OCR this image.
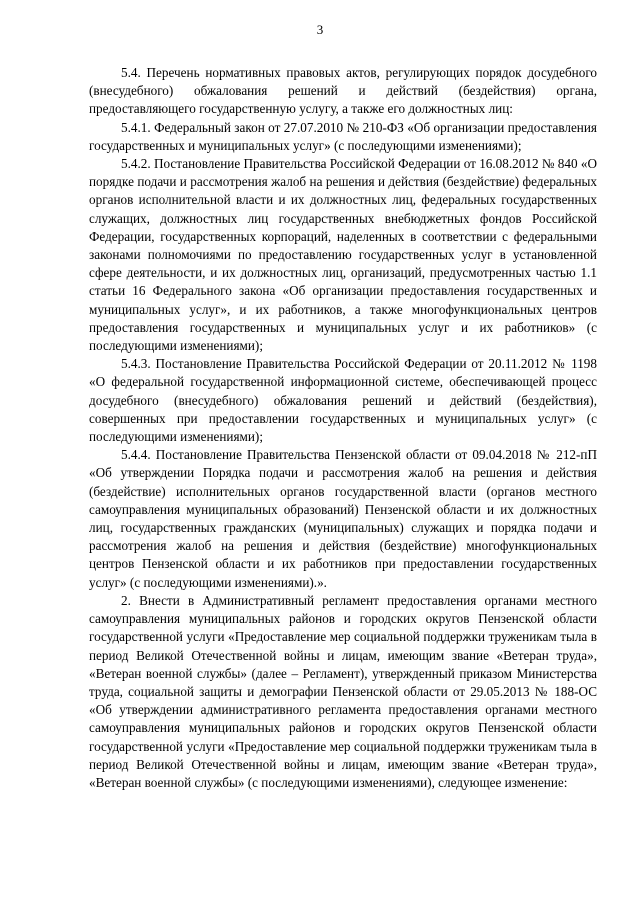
3

5.4. Перечень нормативных правовых актов, регулирующих порядок досудебного (внесудебного) обжалования решений и действий (бездействия) органа, предоставляющего государственную услугу, а также его должностных лиц:

5.4.1. Федеральный закон от 27.07.2010 № 210-ФЗ «Об организации предоставления государственных и муниципальных услуг» (с последующими изменениями);

5.4.2. Постановление Правительства Российской Федерации от 16.08.2012 № 840 «О порядке подачи и рассмотрения жалоб на решения и действия (бездействие) федеральных органов исполнительной власти и их должностных лиц, федеральных государственных служащих, должностных лиц государственных внебюджетных фондов Российской Федерации, государственных корпораций, наделенных в соответствии с федеральными законами полномочиями по предоставлению государственных услуг в установленной сфере деятельности, и их должностных лиц, организаций, предусмотренных частью 1.1 статьи 16 Федерального закона «Об организации предоставления государственных и муниципальных услуг», и их работников, а также многофункциональных центров предоставления государственных и муниципальных услуг и их работников» (с последующими изменениями);

5.4.3. Постановление Правительства Российской Федерации от 20.11.2012 № 1198 «О федеральной государственной информационной системе, обеспечивающей процесс досудебного (внесудебного) обжалования решений и действий (бездействия), совершенных при предоставлении государственных и муниципальных услуг» (с последующими изменениями);

5.4.4. Постановление Правительства Пензенской области от 09.04.2018 № 212-пП «Об утверждении Порядка подачи и рассмотрения жалоб на решения и действия (бездействие) исполнительных органов государственной власти (органов местного самоуправления муниципальных образований) Пензенской области и их должностных лиц, государственных гражданских (муниципальных) служащих и порядка подачи и рассмотрения жалоб на решения и действия (бездействие) многофункциональных центров Пензенской области и их работников при предоставлении государственных услуг» (с последующими изменениями).».

2. Внести в Административный регламент предоставления органами местного самоуправления муниципальных районов и городских округов Пензенской области государственной услуги «Предоставление мер социальной поддержки труженикам тыла в период Великой Отечественной войны и лицам, имеющим звание «Ветеран труда», «Ветеран военной службы» (далее – Регламент), утвержденный приказом Министерства труда, социальной защиты и демографии Пензенской области от 29.05.2013 № 188-ОС «Об утверждении административного регламента предоставления органами местного самоуправления муниципальных районов и городских округов Пензенской области государственной услуги «Предоставление мер социальной поддержки труженикам тыла в период Великой Отечественной войны и лицам, имеющим звание «Ветеран труда», «Ветеран военной службы» (с последующими изменениями), следующее изменение:
